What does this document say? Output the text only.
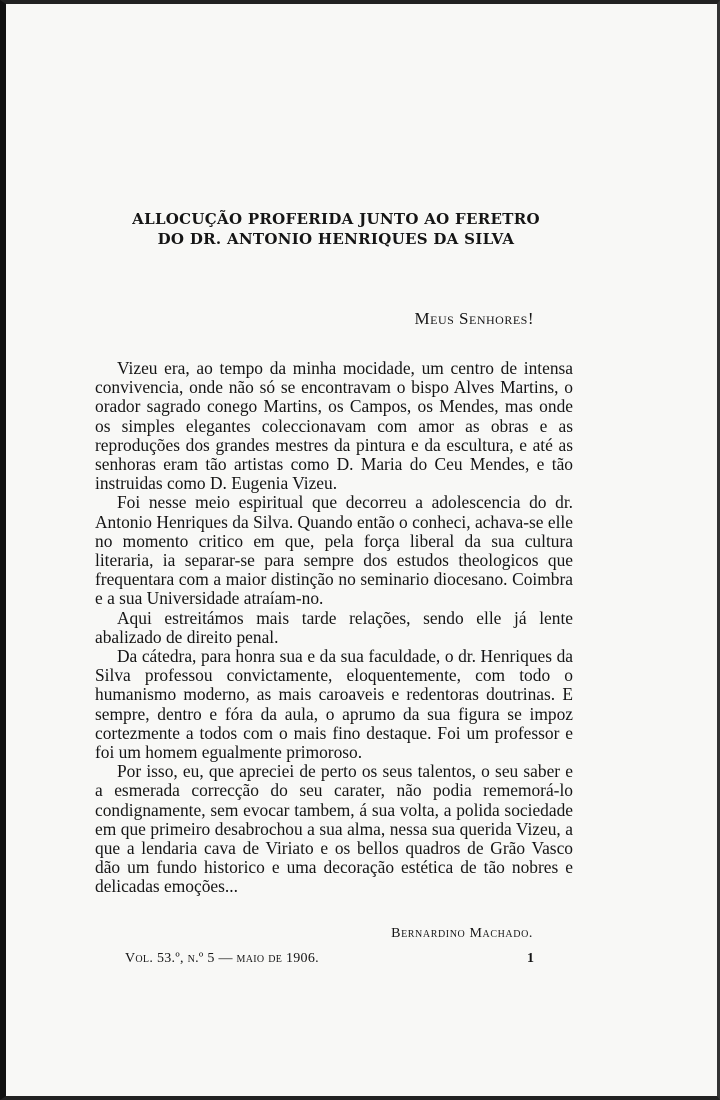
ALLOCUÇÃO PROFERIDA JUNTO AO FERETRO
DO DR. ANTONIO HENRIQUES DA SILVA
Meus Senhores!

Vizeu era, ao tempo da minha mocidade, um centro de intensa convivencia, onde não só se encontravam o bispo Alves Martins, o orador sagrado conego Martins, os Campos, os Mendes, mas onde os simples elegantes coleccionavam com amor as obras e as reproduções dos grandes mestres da pintura e da escultura, e até as senhoras eram tão artistas como D. Maria do Ceu Mendes, e tão instruidas como D. Eugenia Vizeu.

Foi nesse meio espiritual que decorreu a adolescencia do dr. Antonio Henriques da Silva. Quando então o conheci, achava-se elle no momento critico em que, pela força liberal da sua cultura literaria, ia separar-se para sempre dos estudos theologicos que frequentara com a maior distinção no seminario diocesano. Coimbra e a sua Universidade atraíam-no.

Aqui estreitámos mais tarde relações, sendo elle já lente abalizado de direito penal.

Da cátedra, para honra sua e da sua faculdade, o dr. Henriques da Silva professou convictamente, eloquentemente, com todo o humanismo moderno, as mais caroaveis e redentoras doutrinas. E sempre, dentro e fóra da aula, o aprumo da sua figura se impoz cortezmente a todos com o mais fino destaque. Foi um professor e foi um homem egualmente primoroso.

Por isso, eu, que apreciei de perto os seus talentos, o seu saber e a esmerada correcção do seu carater, não podia rememorá-lo condignamente, sem evocar tambem, á sua volta, a polida sociedade em que primeiro desabrochou a sua alma, nessa sua querida Vizeu, a que a lendaria cava de Viriato e os bellos quadros de Grão Vasco dão um fundo historico e uma decoração estética de tão nobres e delicadas emoções...

Bernardino Machado.
Vol. 53.º, n.º 5 — maio de 1906.	1
